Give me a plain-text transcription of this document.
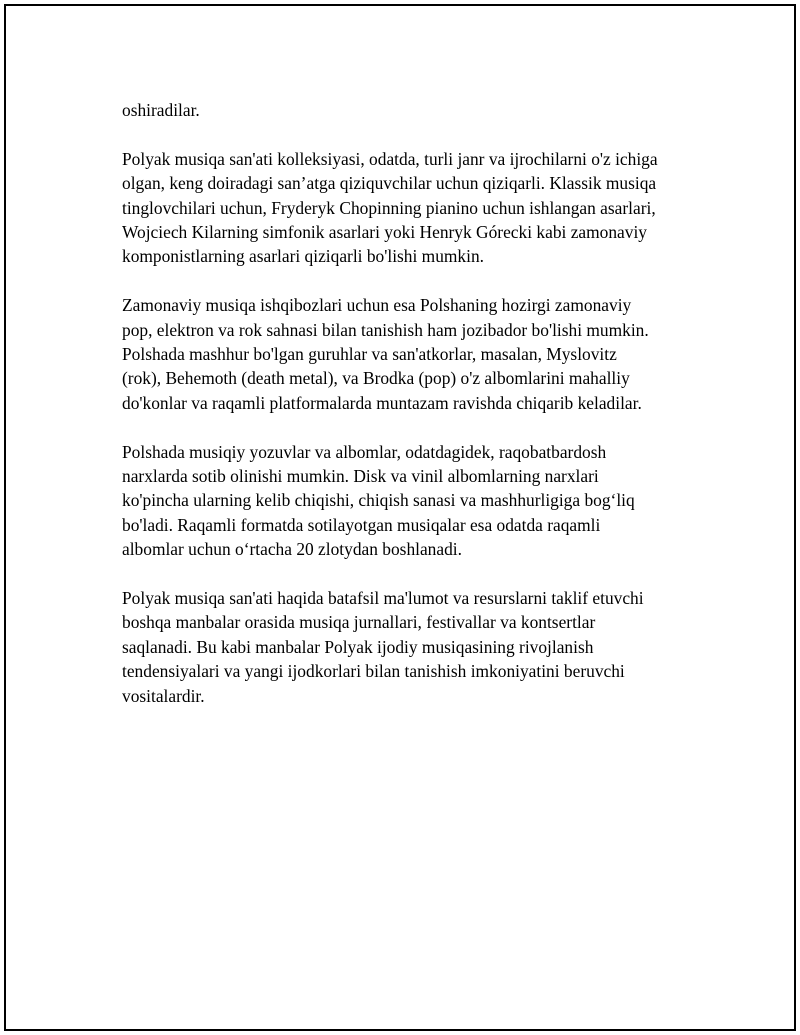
oshiradilar.

Polyak musiqa san'ati kolleksiyasi, odatda, turli janr va ijrochilarni o'z ichiga
olgan, keng doiradagi san’atga qiziquvchilar uchun qiziqarli. Klassik musiqa
tinglovchilari uchun, Fryderyk Chopinning pianino uchun ishlangan asarlari,
Wojciech Kilarning simfonik asarlari yoki Henryk Górecki kabi zamonaviy
komponistlarning asarlari qiziqarli bo'lishi mumkin.

Zamonaviy musiqa ishqibozlari uchun esa Polshaning hozirgi zamonaviy
pop, elektron va rok sahnasi bilan tanishish ham jozibador bo'lishi mumkin.
Polshada mashhur bo'lgan guruhlar va san'atkorlar, masalan, Myslovitz
(rok), Behemoth (death metal), va Brodka (pop) o'z albomlarini mahalliy
do'konlar va raqamli platformalarda muntazam ravishda chiqarib keladilar.

Polshada musiqiy yozuvlar va albomlar, odatdagidek, raqobatbardosh
narxlarda sotib olinishi mumkin. Disk va vinil albomlarning narxlari
ko'pincha ularning kelib chiqishi, chiqish sanasi va mashhurligiga bog‘liq
bo'ladi. Raqamli formatda sotilayotgan musiqalar esa odatda raqamli
albomlar uchun o‘rtacha 20 zlotydan boshlanadi.

Polyak musiqa san'ati haqida batafsil ma'lumot va resurslarni taklif etuvchi
boshqa manbalar orasida musiqa jurnallari, festivallar va kontsertlar
saqlanadi. Bu kabi manbalar Polyak ijodiy musiqasining rivojlanish
tendensiyalari va yangi ijodkorlari bilan tanishish imkoniyatini beruvchi
vositalardir.
